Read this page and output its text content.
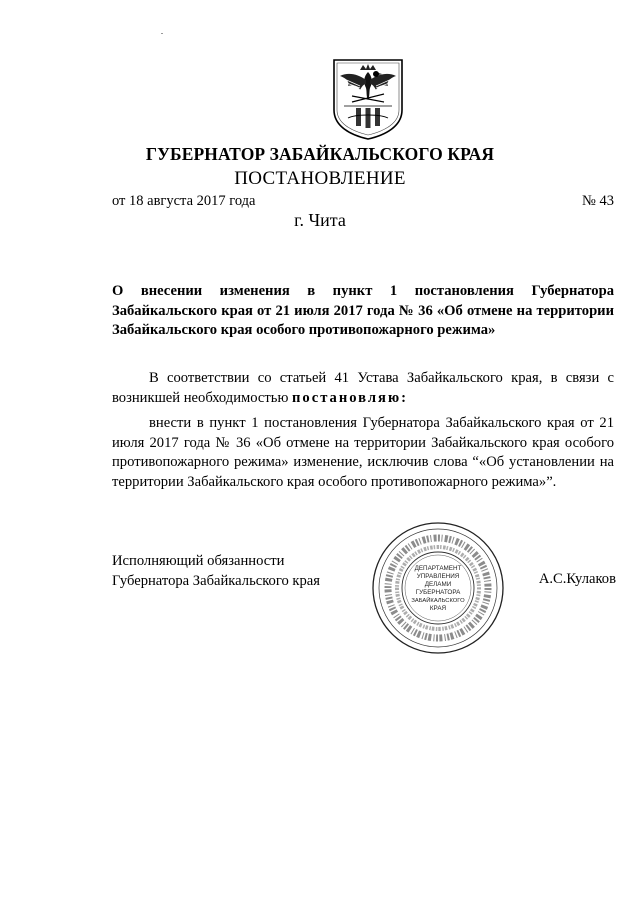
ГУБЕРНАТОР ЗАБАЙКАЛЬСКОГО КРАЯ
ПОСТАНОВЛЕНИЕ
от 18 августа 2017 года	№ 43
г. Чита
О внесении изменения в пункт 1 постановления Губернатора Забайкальского края от 21 июля 2017 года № 36 «Об отмене на территории Забайкальского края особого противопожарного режима»
В соответствии со статьей 41 Устава Забайкальского края, в связи с возникшей необходимостью постановляю:
внести в пункт 1 постановления Губернатора Забайкальского края от 21 июля 2017 года № 36 «Об отмене на территории Забайкальского края особого противопожарного режима» изменение, исключив слова “«Об установлении на территории Забайкальского края особого противопожарного режима»”.
Исполняющий обязанности
Губернатора Забайкальского края
ДЕПАРТАМЕНТ
УПРАВЛЕНИЯ
ДЕЛАМИ
ГУБЕРНАТОРА
ЗАБАЙКАЛЬСКОГО
КРАЯ
А.С.Кулаков
